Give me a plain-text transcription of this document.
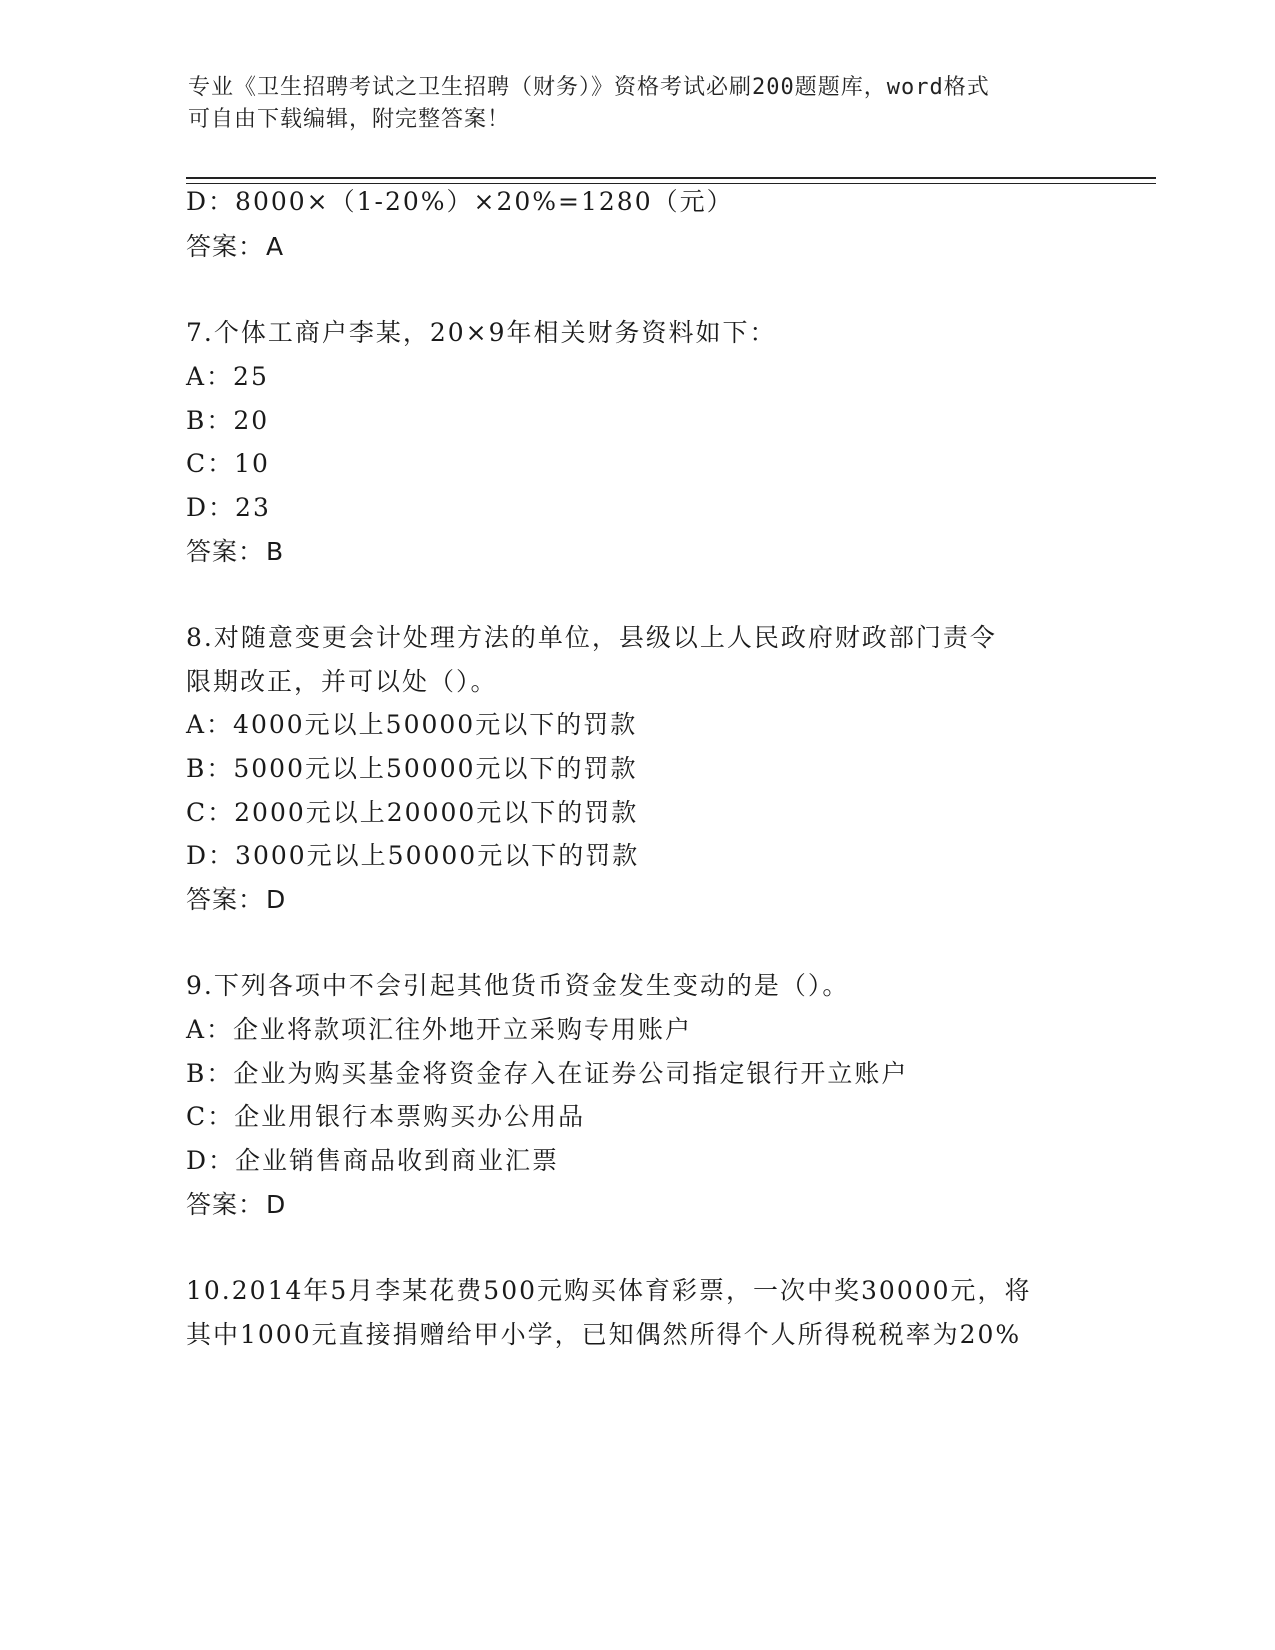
专业《卫生招聘考试之卫生招聘（财务）》资格考试必刷200题题库，word格式
可自由下载编辑，附完整答案！
D：8000×（1-20%）×20%=1280（元）
答案：A
7.个体工商户李某，20×9年相关财务资料如下：
A：25
B：20
C：10
D：23
答案：B
8.对随意变更会计处理方法的单位，县级以上人民政府财政部门责令
限期改正，并可以处（）。
A：4000元以上50000元以下的罚款
B：5000元以上50000元以下的罚款
C：2000元以上20000元以下的罚款
D：3000元以上50000元以下的罚款
答案：D
9.下列各项中不会引起其他货币资金发生变动的是（）。
A：企业将款项汇往外地开立采购专用账户
B：企业为购买基金将资金存入在证券公司指定银行开立账户
C：企业用银行本票购买办公用品
D：企业销售商品收到商业汇票
答案：D
10.2014年5月李某花费500元购买体育彩票，一次中奖30000元，将
其中1000元直接捐赠给甲小学，已知偶然所得个人所得税税率为20%
